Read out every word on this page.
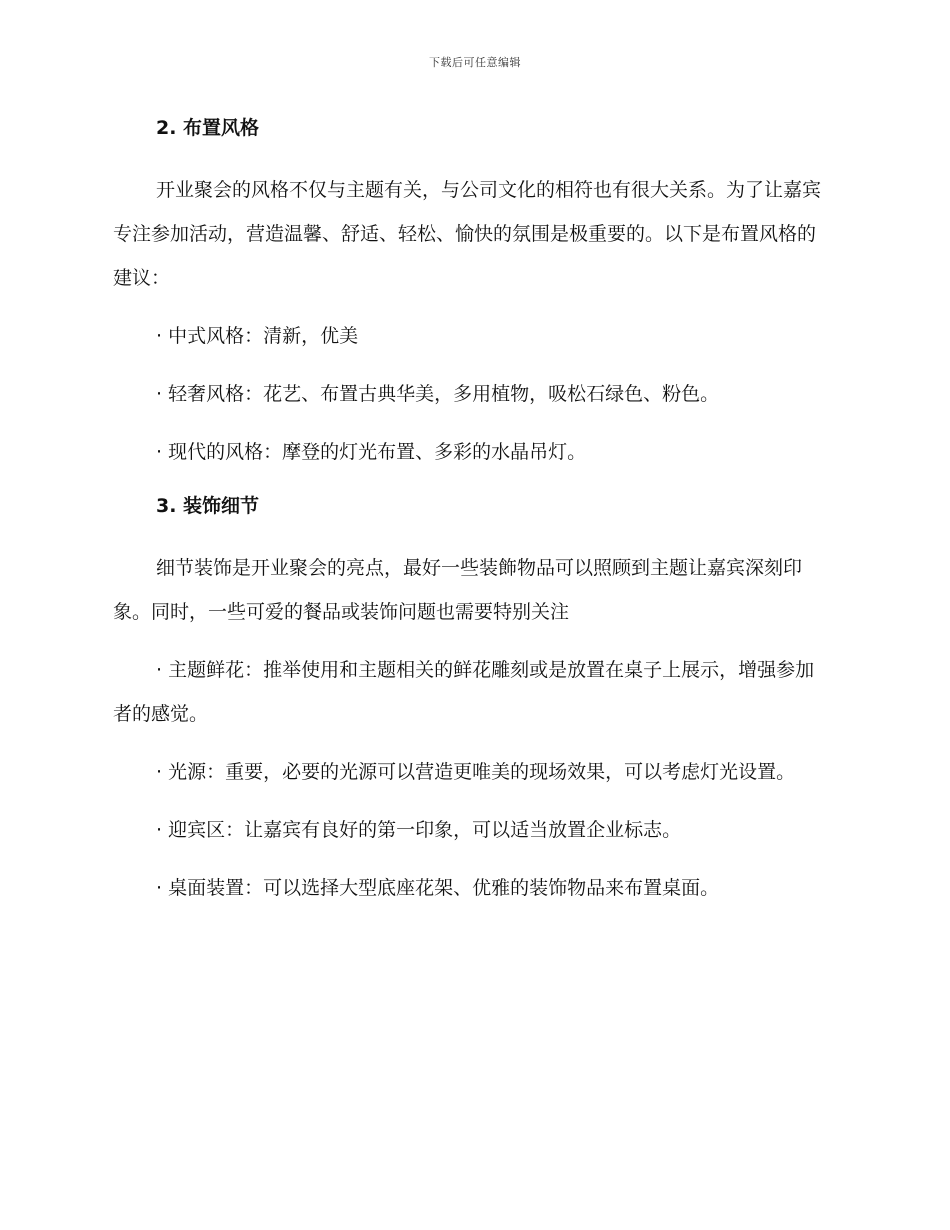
下载后可任意编辑
2. 布置风格
开业聚会的风格不仅与主题有关，与公司文化的相符也有很大关系。为了让嘉宾专注参加活动，营造温馨、舒适、轻松、愉快的氛围是极重要的。以下是布置风格的建议：
· 中式风格：清新，优美
· 轻奢风格：花艺、布置古典华美，多用植物，吸松石绿色、粉色。
· 现代的风格：摩登的灯光布置、多彩的水晶吊灯。
3. 装饰细节
细节装饰是开业聚会的亮点，最好一些装飾物品可以照顾到主题让嘉宾深刻印象。同时，一些可爱的餐品或装饰问题也需要特别关注
· 主题鲜花：推举使用和主题相关的鲜花雕刻或是放置在桌子上展示，增强参加者的感觉。
· 光源：重要，必要的光源可以营造更唯美的现场效果，可以考虑灯光设置。
· 迎宾区：让嘉宾有良好的第一印象，可以适当放置企业标志。
· 桌面装置：可以选择大型底座花架、优雅的装饰物品来布置桌面。
